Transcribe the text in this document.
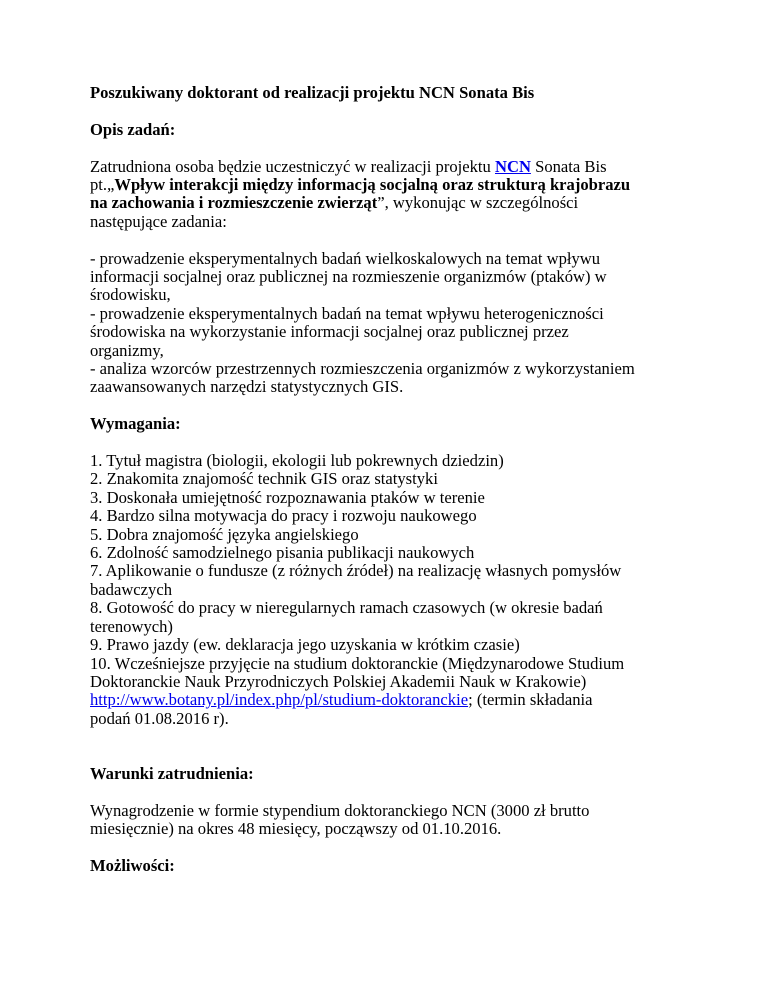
Poszukiwany doktorant od realizacji projektu NCN Sonata Bis

Opis zadań:

Zatrudniona osoba będzie uczestniczyć w realizacji projektu NCN Sonata Bis
pt.„Wpływ interakcji między informacją socjalną oraz strukturą krajobrazu
na zachowania i rozmieszczenie zwierząt”, wykonując w szczególności
następujące zadania:
- prowadzenie eksperymentalnych badań wielkoskalowych na temat wpływu
informacji socjalnej oraz publicznej na rozmieszenie organizmów (ptaków) w
środowisku,
- prowadzenie eksperymentalnych badań na temat wpływu heterogeniczności
środowiska na wykorzystanie informacji socjalnej oraz publicznej przez
organizmy,
- analiza wzorców przestrzennych rozmieszczenia organizmów z wykorzystaniem
zaawansowanych narzędzi statystycznych GIS.

Wymagania:

1. Tytuł magistra (biologii, ekologii lub pokrewnych dziedzin)
2. Znakomita znajomość technik GIS oraz statystyki
3. Doskonała umiejętność rozpoznawania ptaków w terenie
4. Bardzo silna motywacja do pracy i rozwoju naukowego
5. Dobra znajomość języka angielskiego
6. Zdolność samodzielnego pisania publikacji naukowych
7. Aplikowanie o fundusze (z różnych źródeł) na realizację własnych pomysłów
badawczych
8. Gotowość do pracy w nieregularnych ramach czasowych (w okresie badań
terenowych)
9. Prawo jazdy (ew. deklaracja jego uzyskania w krótkim czasie)
10. Wcześniejsze przyjęcie na studium doktoranckie (Międzynarodowe Studium
Doktoranckie Nauk Przyrodniczych Polskiej Akademii Nauk w Krakowie)
http://www.botany.pl/index.php/pl/studium-doktoranckie; (termin składania
podań 01.08.2016 r).

Warunki zatrudnienia:

Wynagrodzenie w formie stypendium doktoranckiego NCN (3000 zł brutto
miesięcznie) na okres 48 miesięcy, począwszy od 01.10.2016.

Możliwości:
